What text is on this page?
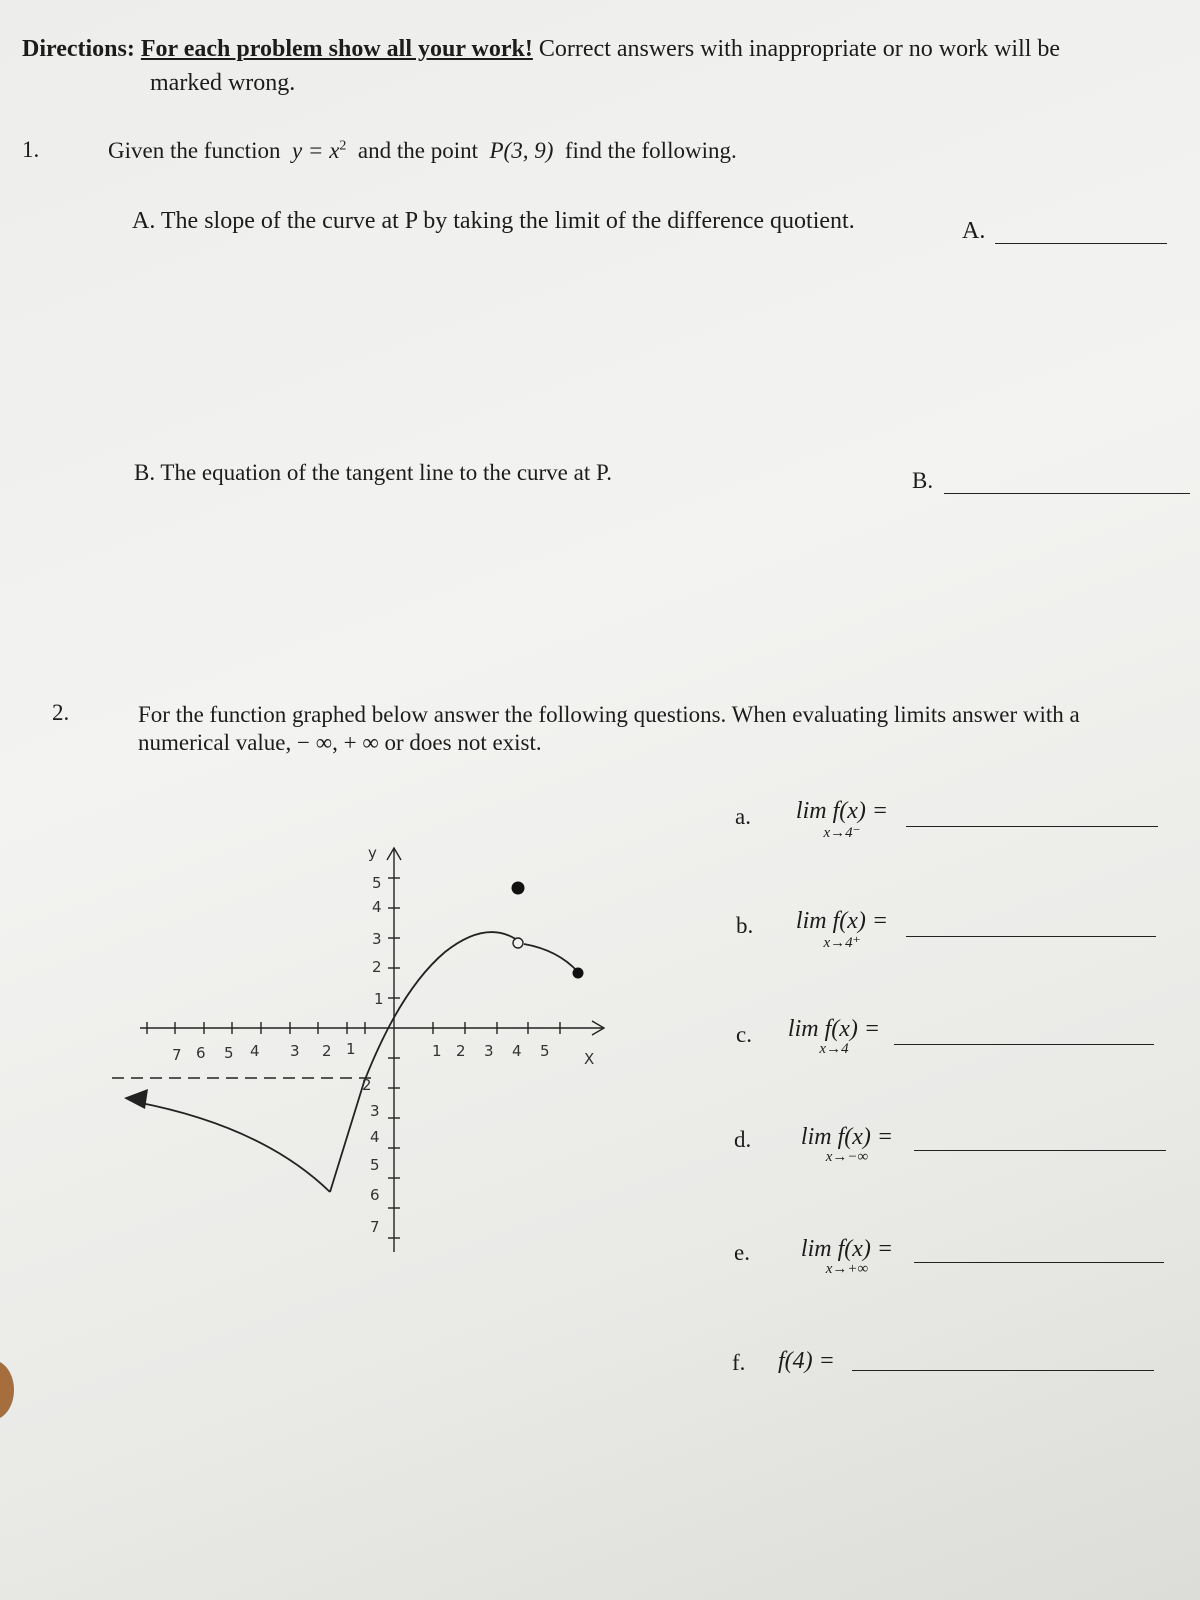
Directions: For each problem show all your work! Correct answers with inappropriate or no work will be
marked wrong.
1.	Given the function $y = x^2$ and the point P(3, 9) find the following.
A. The slope of the curve at P by taking the limit of the difference quotient.	A.
B. The equation of the tangent line to the curve at P.	B.
2.	For the function graphed below answer the following questions. When evaluating limits answer with a
numerical value, − ∞, + ∞ or does not exist.
a.	lim f(x) =
x→4⁻
b.	lim f(x) =
x→4⁺
c.	lim f(x) =
x→4
d.	lim f(x) =
x→−∞
e.	lim f(x) =
x→+∞
f. f(4) =
y
X
1 2 3 4 5
7 6 5 4 3 2 1
5
4
3
2
1
2
3
4
5
6
7
